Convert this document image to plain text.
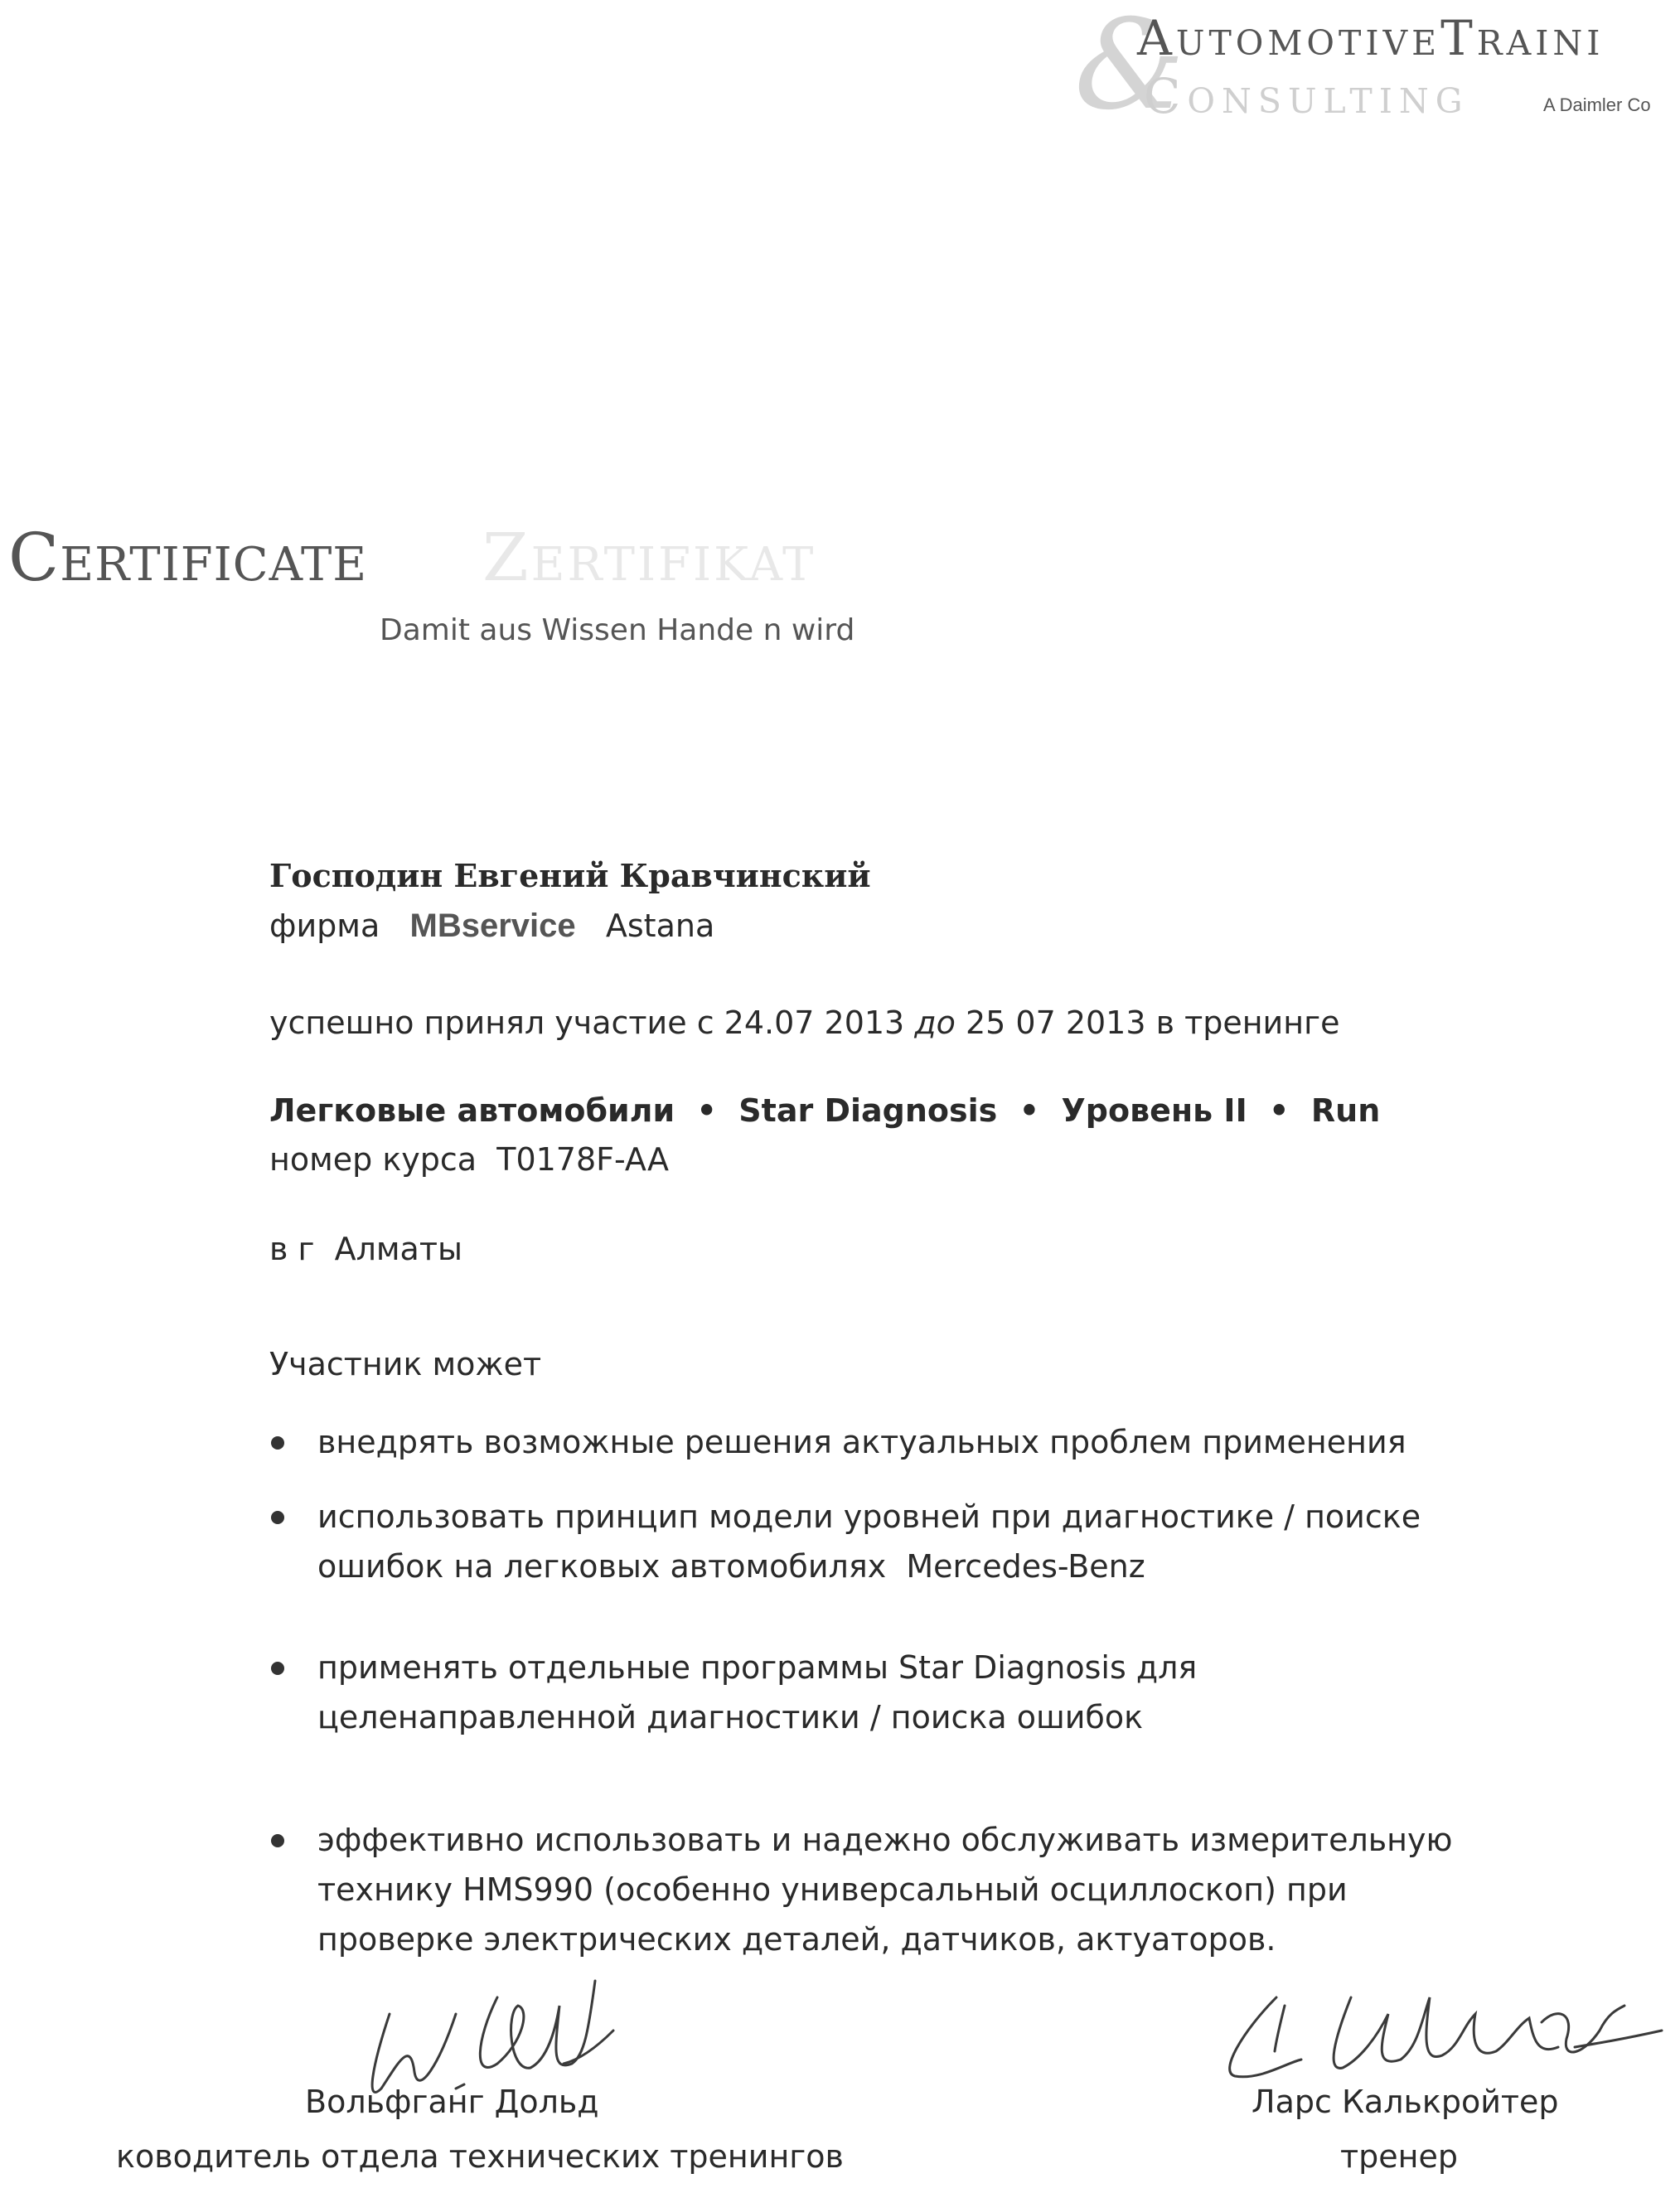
&
AutomotiveTraini
Consulting	A Daimler Co
Certificate Zertifikat
Damit aus Wissen Hande n wird
Господин Евгений Кравчинский
фирма MBservice Astana
успешно принял участие с 24.07 2013 до 25 07 2013 в тренинге
Легковые автомобили  •  Star Diagnosis  •  Уровень II  •  Run
номер курса  T0178F-AA
в г  Алматы
Участник может
внедрять возможные решения актуальных проблем применения
использовать принцип модели уровней при диагностике / поиске
ошибок на легковых автомобилях  Mercedes-Benz
применять отдельные программы Star Diagnosis для
целенаправленной диагностики / поиска ошибок
эффективно использовать и надежно обслуживать измерительную
технику HMS990 (особенно универсальный осциллоскоп) при
проверке электрических деталей, датчиков, актуаторов.
Вольфганг Дольд
ководитель отдела технических тренингов
Ларс Калькройтер
тренер
